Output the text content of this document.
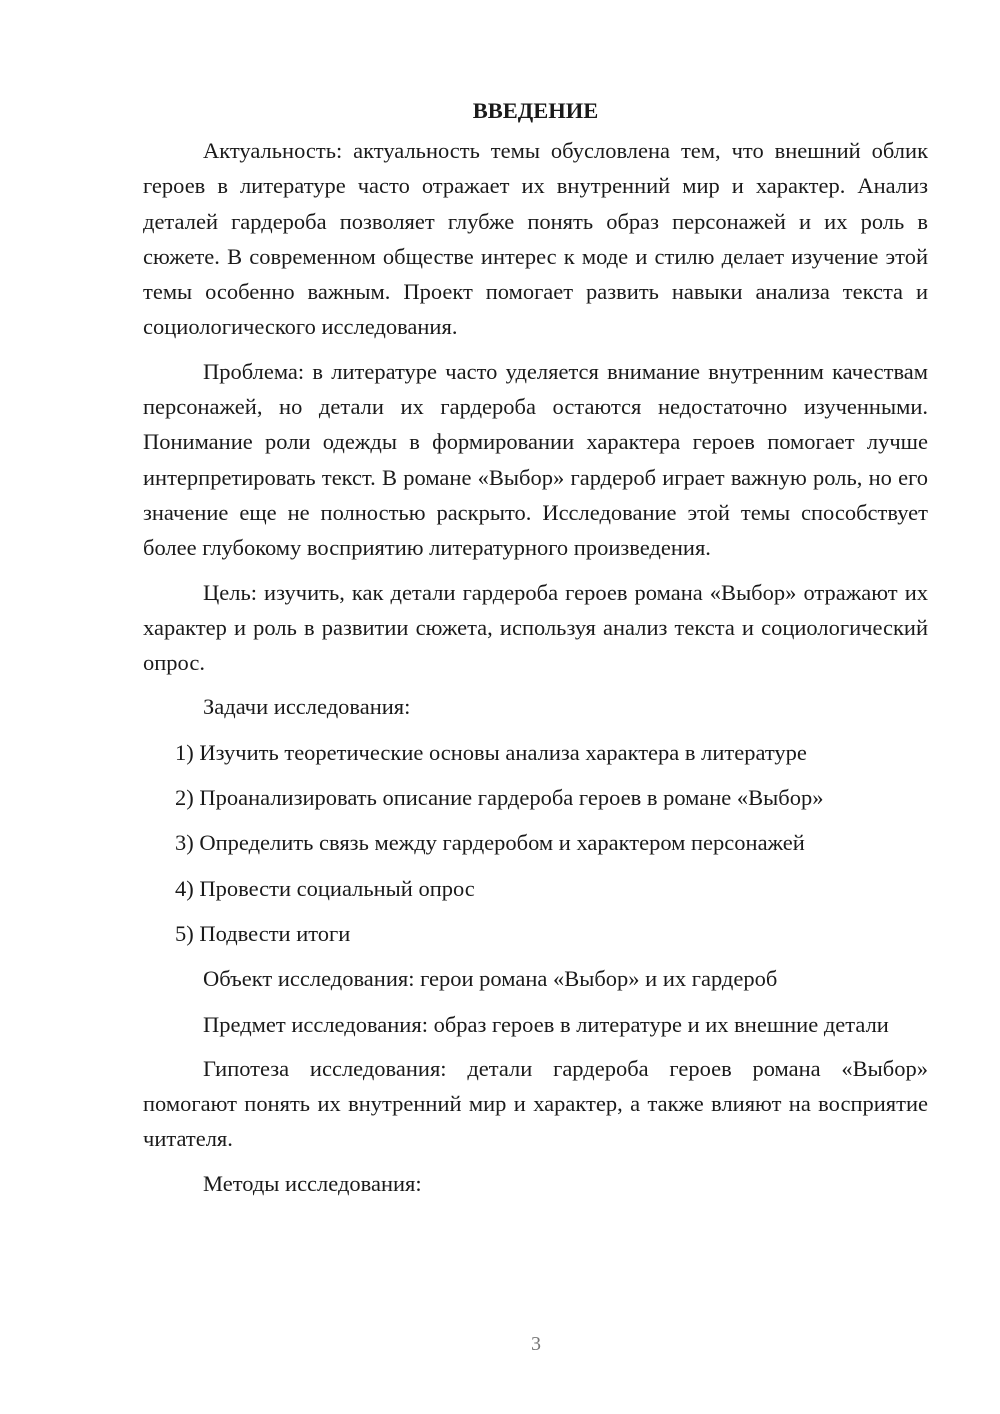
ВВЕДЕНИЕ

Актуальность: актуальность темы обусловлена тем, что внешний облик героев в литературе часто отражает их внутренний мир и характер. Анализ деталей гардероба позволяет глубже понять образ персонажей и их роль в сюжете. В современном обществе интерес к моде и стилю делает изучение этой темы особенно важным. Проект помогает развить навыки анализа текста и социологического исследования.

Проблема: в литературе часто уделяется внимание внутренним качествам персонажей, но детали их гардероба остаются недостаточно изученными. Понимание роли одежды в формировании характера героев помогает лучше интерпретировать текст. В романе «Выбор» гардероб играет важную роль, но его значение еще не полностью раскрыто. Исследование этой темы способствует более глубокому восприятию литературного произведения.

Цель: изучить, как детали гардероба героев романа «Выбор» отражают их характер и роль в развитии сюжета, используя анализ текста и социологический опрос.

Задачи исследования:

1) Изучить теоретические основы анализа характера в литературе
2) Проанализировать описание гардероба героев в романе «Выбор»
3) Определить связь между гардеробом и характером персонажей
4) Провести социальный опрос
5) Подвести итоги

Объект исследования: герои романа «Выбор» и их гардероб

Предмет исследования: образ героев в литературе и их внешние детали

Гипотеза исследования: детали гардероба героев романа «Выбор» помогают понять их внутренний мир и характер, а также влияют на восприятие читателя.

Методы исследования:

3
